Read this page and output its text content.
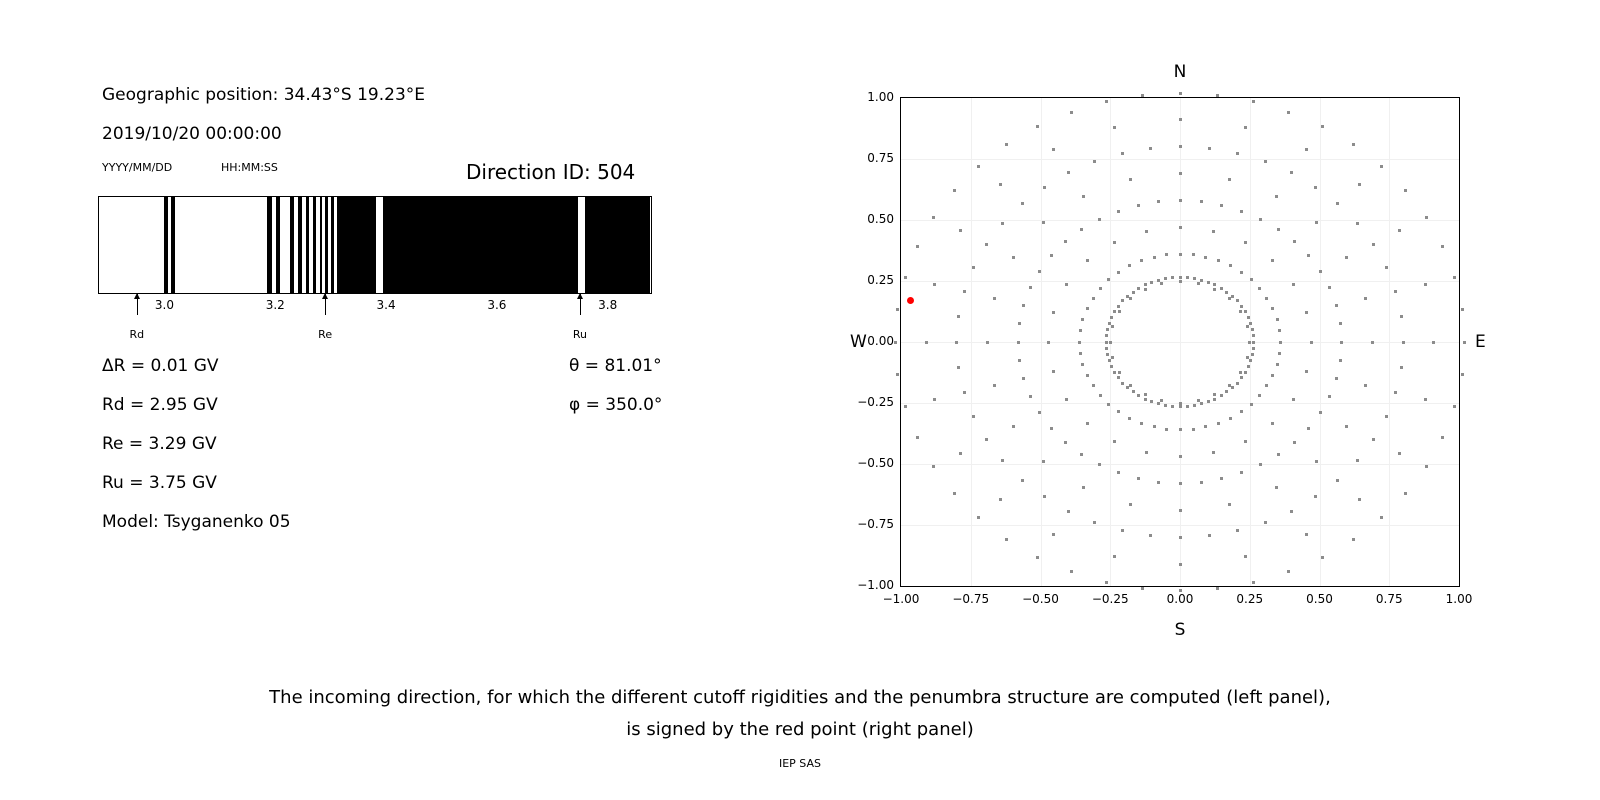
Geographic position: 34.43°S 19.23°E
2019/10/20 00:00:00
YYYY/MM/DD	HH:MM:SS	Direction ID: 504
3.0	3.2	3.4	3.6	3.8
Rd	Re	Ru
ΔR = 0.01 GV
Rd = 2.95 GV
Re = 3.29 GV
Ru = 3.75 GV
Model: Tsyganenko 05
θ = 81.01°
φ = 350.0°
N
S
W	E
−1.00
−0.75
−0.50
−0.25
0.00
0.25
0.50
0.75
1.00
−1.00	−0.75	−0.50	−0.25	0.00	0.25	0.50	0.75	1.00
The incoming direction, for which the different cutoff rigidities and the penumbra structure are computed (left panel),
is signed by the red point (right panel)
IEP SAS
